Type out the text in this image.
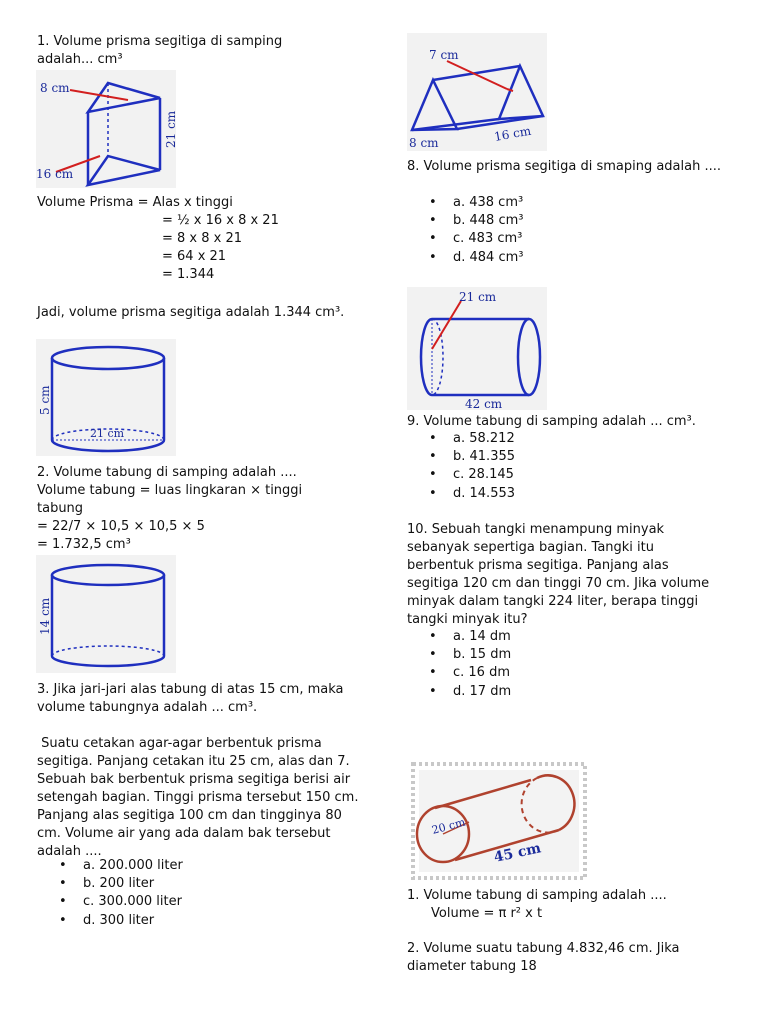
1. Volume prisma segitiga di samping adalah... cm³

8 cm
16 cm
21 cm
Volume Prisma = Alas x tinggi
= ½ x 16 x 8 x 21
= 8 x 8 x 21
= 64 x 21
= 1.344

Jadi, volume prisma segitiga adalah 1.344 cm³.

5 cm
21 cm
2. Volume tabung di samping adalah ....
Volume tabung = luas lingkaran × tinggi tabung
= 22/7 × 10,5 × 10,5 × 5
= 1.732,5 cm³
14 cm

3. Jika jari-jari alas tabung di atas 15 cm, maka volume tabungnya adalah ... cm³.

Suatu cetakan agar-agar berbentuk prisma segitiga. Panjang cetakan itu 25 cm, alas dan 7. Sebuah bak berbentuk prisma segitiga berisi air setengah bagian. Tinggi prisma tersebut 150 cm. Panjang alas segitiga 100 cm dan tingginya 80 cm. Volume air yang ada dalam bak tersebut adalah ....

• a. 200.000 liter
• b. 200 liter
• c. 300.000 liter
• d. 300 liter
7 cm
8 cm	16 cm

8. Volume prisma segitiga di smaping adalah ....

• a. 438 cm³
• b. 448 cm³
• c. 483 cm³
• d. 484 cm³
21 cm
42 cm

9. Volume tabung di samping adalah ... cm³.

• a. 58.212
• b. 41.355
• c. 28.145
• d. 14.553

10. Sebuah tangki menampung minyak sebanyak sepertiga bagian. Tangki itu berbentuk prisma segitiga. Panjang alas segitiga 120 cm dan tinggi 70 cm. Jika volume minyak dalam tangki 224 liter, berapa tinggi tangki minyak itu?

• a. 14 dm
• b. 15 dm
• c. 16 dm
• d. 17 dm
20 cm
45 cm
1. Volume tabung di samping adalah ....
Volume = π r² x t

2. Volume suatu tabung 4.832,46 cm. Jika diameter tabung 18
